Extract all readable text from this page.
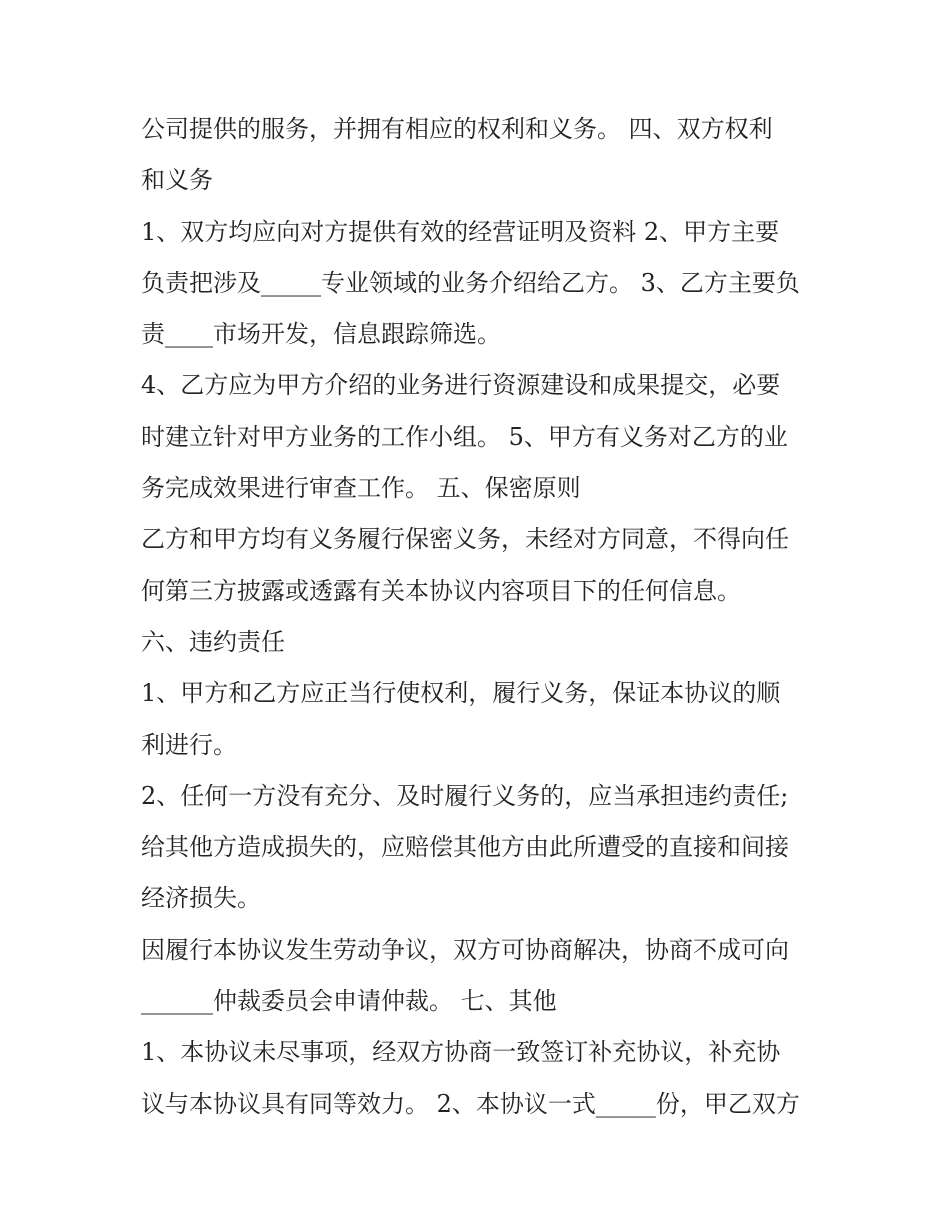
公司提供的服务，并拥有相应的权利和义务。 四、双方权利
和义务
1、双方均应向对方提供有效的经营证明及资料 2、甲方主要
负责把涉及_____专业领域的业务介绍给乙方。 3、乙方主要负
责____市场开发，信息跟踪筛选。
4、乙方应为甲方介绍的业务进行资源建设和成果提交，必要
时建立针对甲方业务的工作小组。 5、甲方有义务对乙方的业
务完成效果进行审查工作。 五、保密原则
乙方和甲方均有义务履行保密义务，未经对方同意，不得向任
何第三方披露或透露有关本协议内容项目下的任何信息。
六、违约责任
1、甲方和乙方应正当行使权利，履行义务，保证本协议的顺
利进行。
2、任何一方没有充分、及时履行义务的，应当承担违约责任;
给其他方造成损失的，应赔偿其他方由此所遭受的直接和间接
经济损失。
因履行本协议发生劳动争议，双方可协商解决，协商不成可向
______仲裁委员会申请仲裁。 七、其他
1、本协议未尽事项，经双方协商一致签订补充协议，补充协
议与本协议具有同等效力。 2、本协议一式_____份，甲乙双方
